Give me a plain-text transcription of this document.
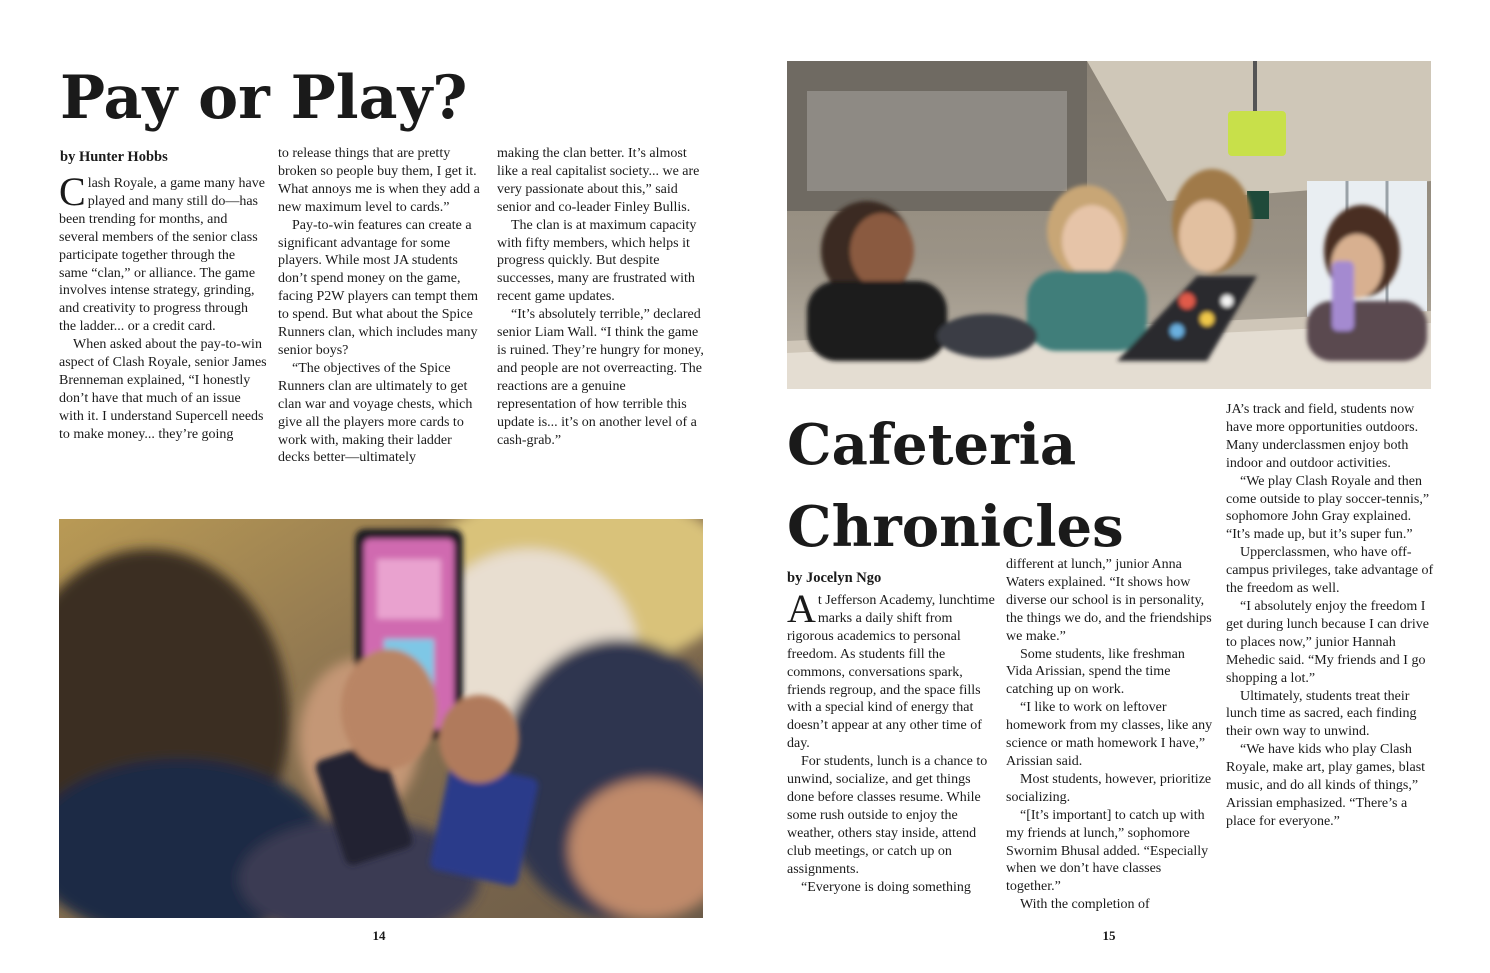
Pay or Play?
by Hunter Hobbs

Clash Royale, a game many have played and many still do—has been trending for months, and several members of the senior class participate together through the same “clan,” or alliance. The game involves intense strategy, grinding, and creativity to progress through the ladder... or a credit card.

When asked about the pay-to-win aspect of Clash Royale, senior James Brenneman explained, “I honestly don’t have that much of an issue with it. I understand Supercell needs to make money... they’re going

to release things that are pretty broken so people buy them, I get it. What annoys me is when they add a new maximum level to cards.”

Pay-to-win features can create a significant advantage for some players. While most JA students don’t spend money on the game, facing P2W players can tempt them to spend. But what about the Spice Runners clan, which includes many senior boys?

“The objectives of the Spice Runners clan are ultimately to get clan war and voyage chests, which give all the players more cards to work with, making their ladder decks better—ultimately

making the clan better. It’s almost like a real capitalist society... we are very passionate about this,” said senior and co-leader Finley Bullis.

The clan is at maximum capacity with fifty members, which helps it progress quickly. But despite successes, many are frustrated with recent game updates.

“It’s absolutely terrible,” declared senior Liam Wall. “I think the game is ruined. They’re hungry for money, and people are not overreacting. The reactions are a genuine representation of how terrible this update is... it’s on another level of a cash-grab.”

14
Cafeteria
Chronicles
by Jocelyn Ngo

At Jefferson Academy, lunchtime marks a daily shift from rigorous academics to personal freedom. As students fill the commons, conversations spark, friends regroup, and the space fills with a special kind of energy that doesn’t appear at any other time of day.

For students, lunch is a chance to unwind, socialize, and get things done before classes resume. While some rush outside to enjoy the weather, others stay inside, attend club meetings, or catch up on assignments.

“Everyone is doing something

different at lunch,” junior Anna Waters explained. “It shows how diverse our school is in personality, the things we do, and the friendships we make.”

Some students, like freshman Vida Arissian, spend the time catching up on work.

“I like to work on leftover homework from my classes, like any science or math homework I have,” Arissian said.

Most students, however, prioritize socializing.

“[It’s important] to catch up with my friends at lunch,” sophomore Swornim Bhusal added. “Especially when we don’t have classes together.”

With the completion of

JA’s track and field, students now have more opportunities outdoors. Many underclassmen enjoy both indoor and outdoor activities.

“We play Clash Royale and then come outside to play soccer-tennis,” sophomore John Gray explained. “It’s made up, but it’s super fun.”

Upperclassmen, who have off-campus privileges, take advantage of the freedom as well.

“I absolutely enjoy the freedom I get during lunch because I can drive to places now,” junior Hannah Mehedic said. “My friends and I go shopping a lot.”

Ultimately, students treat their lunch time as sacred, each finding their own way to unwind.

“We have kids who play Clash Royale, make art, play games, blast music, and do all kinds of things,” Arissian emphasized. “There’s a place for everyone.”

15
